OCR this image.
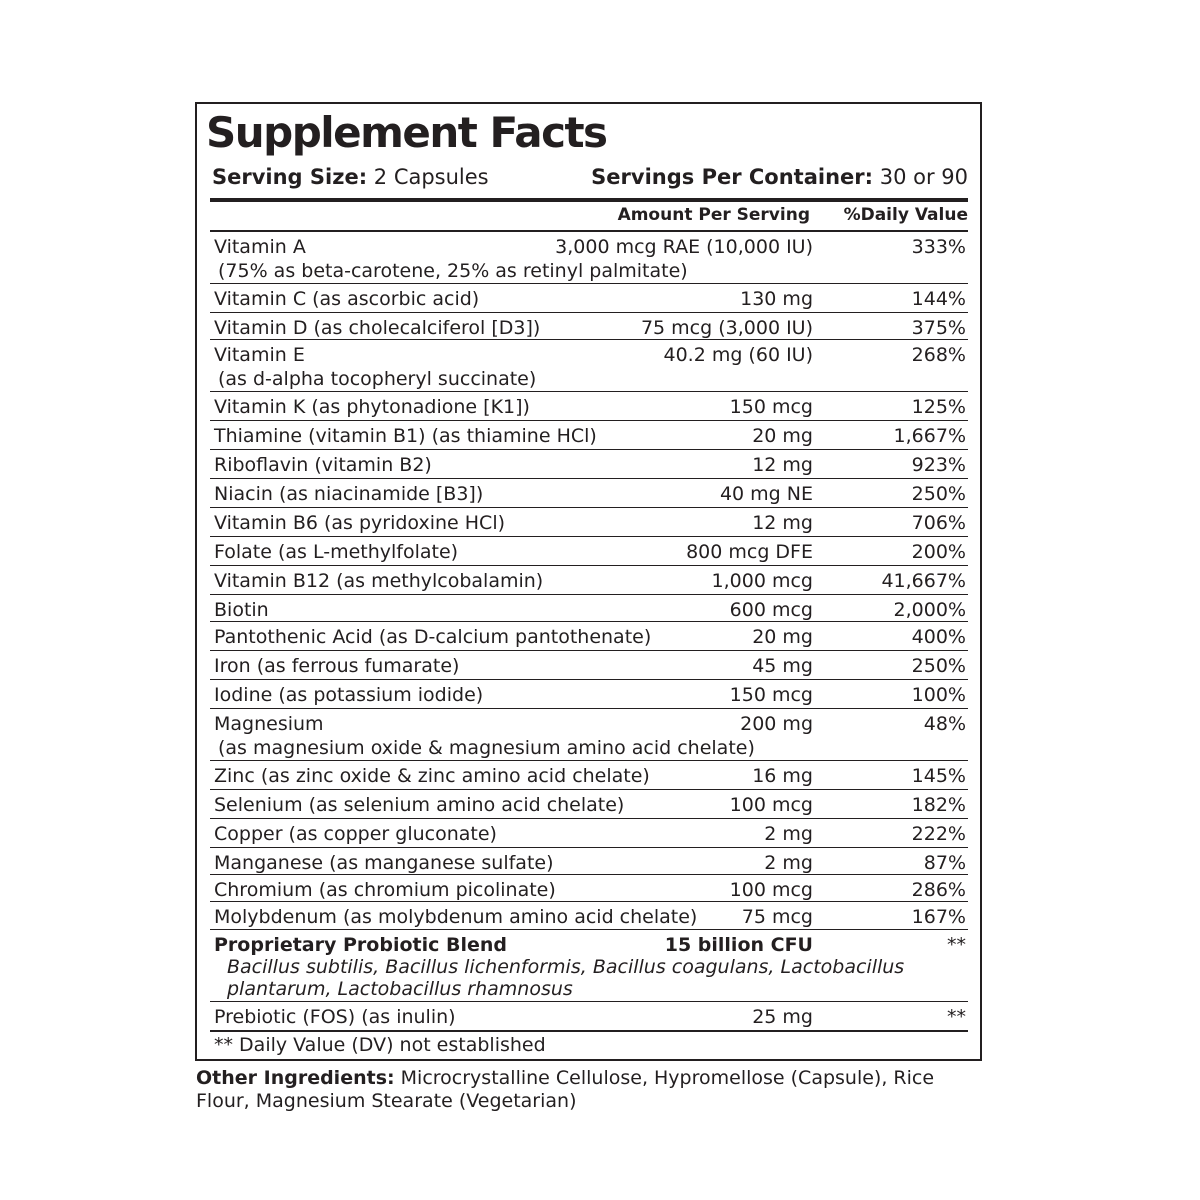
Supplement Facts
Serving Size: 2 Capsules	Servings Per Container: 30 or 90
Amount Per Serving %Daily Value
Vitamin A	3,000 mcg RAE (10,000 IU)	333%
(75% as beta-carotene, 25% as retinyl palmitate)
Vitamin C (as ascorbic acid)	130 mg	144%
Vitamin D (as cholecalciferol [D3])	75 mcg (3,000 IU)	375%
Vitamin E	40.2 mg (60 IU)	268%
(as d-alpha tocopheryl succinate)
Vitamin K (as phytonadione [K1])	150 mcg	125%
Thiamine (vitamin B1) (as thiamine HCl)	20 mg	1,667%
Riboflavin (vitamin B2)	12 mg	923%
Niacin (as niacinamide [B3])	40 mg NE	250%
Vitamin B6 (as pyridoxine HCl)	12 mg	706%
Folate (as L-methylfolate)	800 mcg DFE	200%
Vitamin B12 (as methylcobalamin)	1,000 mcg	41,667%
Biotin	600 mcg	2,000%
Pantothenic Acid (as D-calcium pantothenate)	20 mg	400%
Iron (as ferrous fumarate)	45 mg	250%
Iodine (as potassium iodide)	150 mcg	100%
Magnesium	200 mg	48%
(as magnesium oxide & magnesium amino acid chelate)
Zinc (as zinc oxide & zinc amino acid chelate)	16 mg	145%
Selenium (as selenium amino acid chelate)	100 mcg	182%
Copper (as copper gluconate)	2 mg	222%
Manganese (as manganese sulfate)	2 mg	87%
Chromium (as chromium picolinate)	100 mcg	286%
Molybdenum (as molybdenum amino acid chelate) 75 mcg	167%
Proprietary Probiotic Blend	15 billion CFU	**
Bacillus subtilis, Bacillus lichenformis, Bacillus coagulans, Lactobacillus plantarum, Lactobacillus rhamnosus
Prebiotic (FOS) (as inulin)	25 mg	**
** Daily Value (DV) not established
Other Ingredients: Microcrystalline Cellulose, Hypromellose (Capsule), Rice Flour, Magnesium Stearate (Vegetarian)
